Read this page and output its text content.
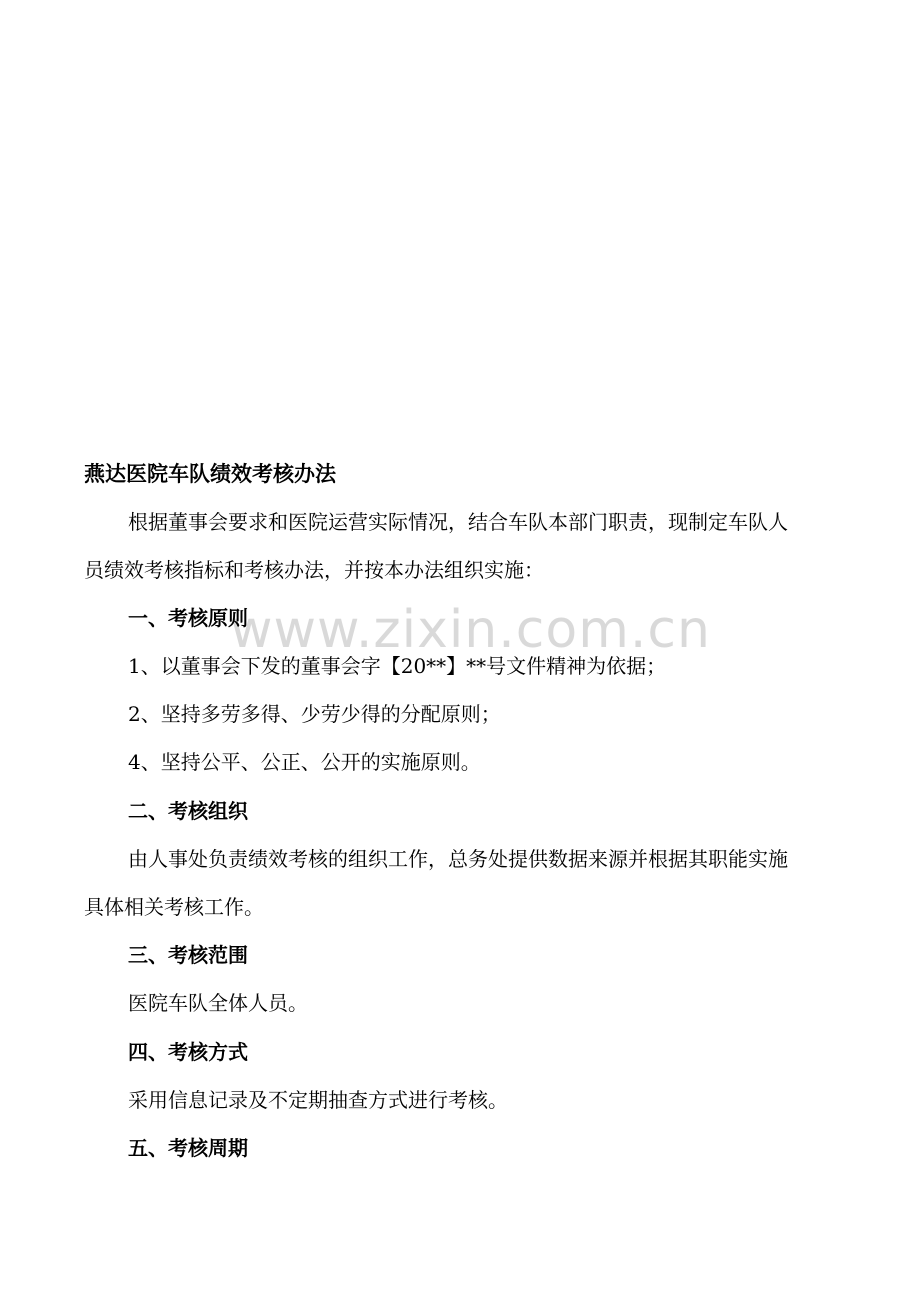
www.zixin.com.cn
燕达医院车队绩效考核办法
根据董事会要求和医院运营实际情况，结合车队本部门职责，现制定车队人
员绩效考核指标和考核办法，并按本办法组织实施：
一、考核原则
1、以董事会下发的董事会字【20**】**号文件精神为依据；
2、坚持多劳多得、少劳少得的分配原则；
4、坚持公平、公正、公开的实施原则。
二、考核组织
由人事处负责绩效考核的组织工作，总务处提供数据来源并根据其职能实施
具体相关考核工作。
三、考核范围
医院车队全体人员。
四、考核方式
采用信息记录及不定期抽查方式进行考核。
五、考核周期
